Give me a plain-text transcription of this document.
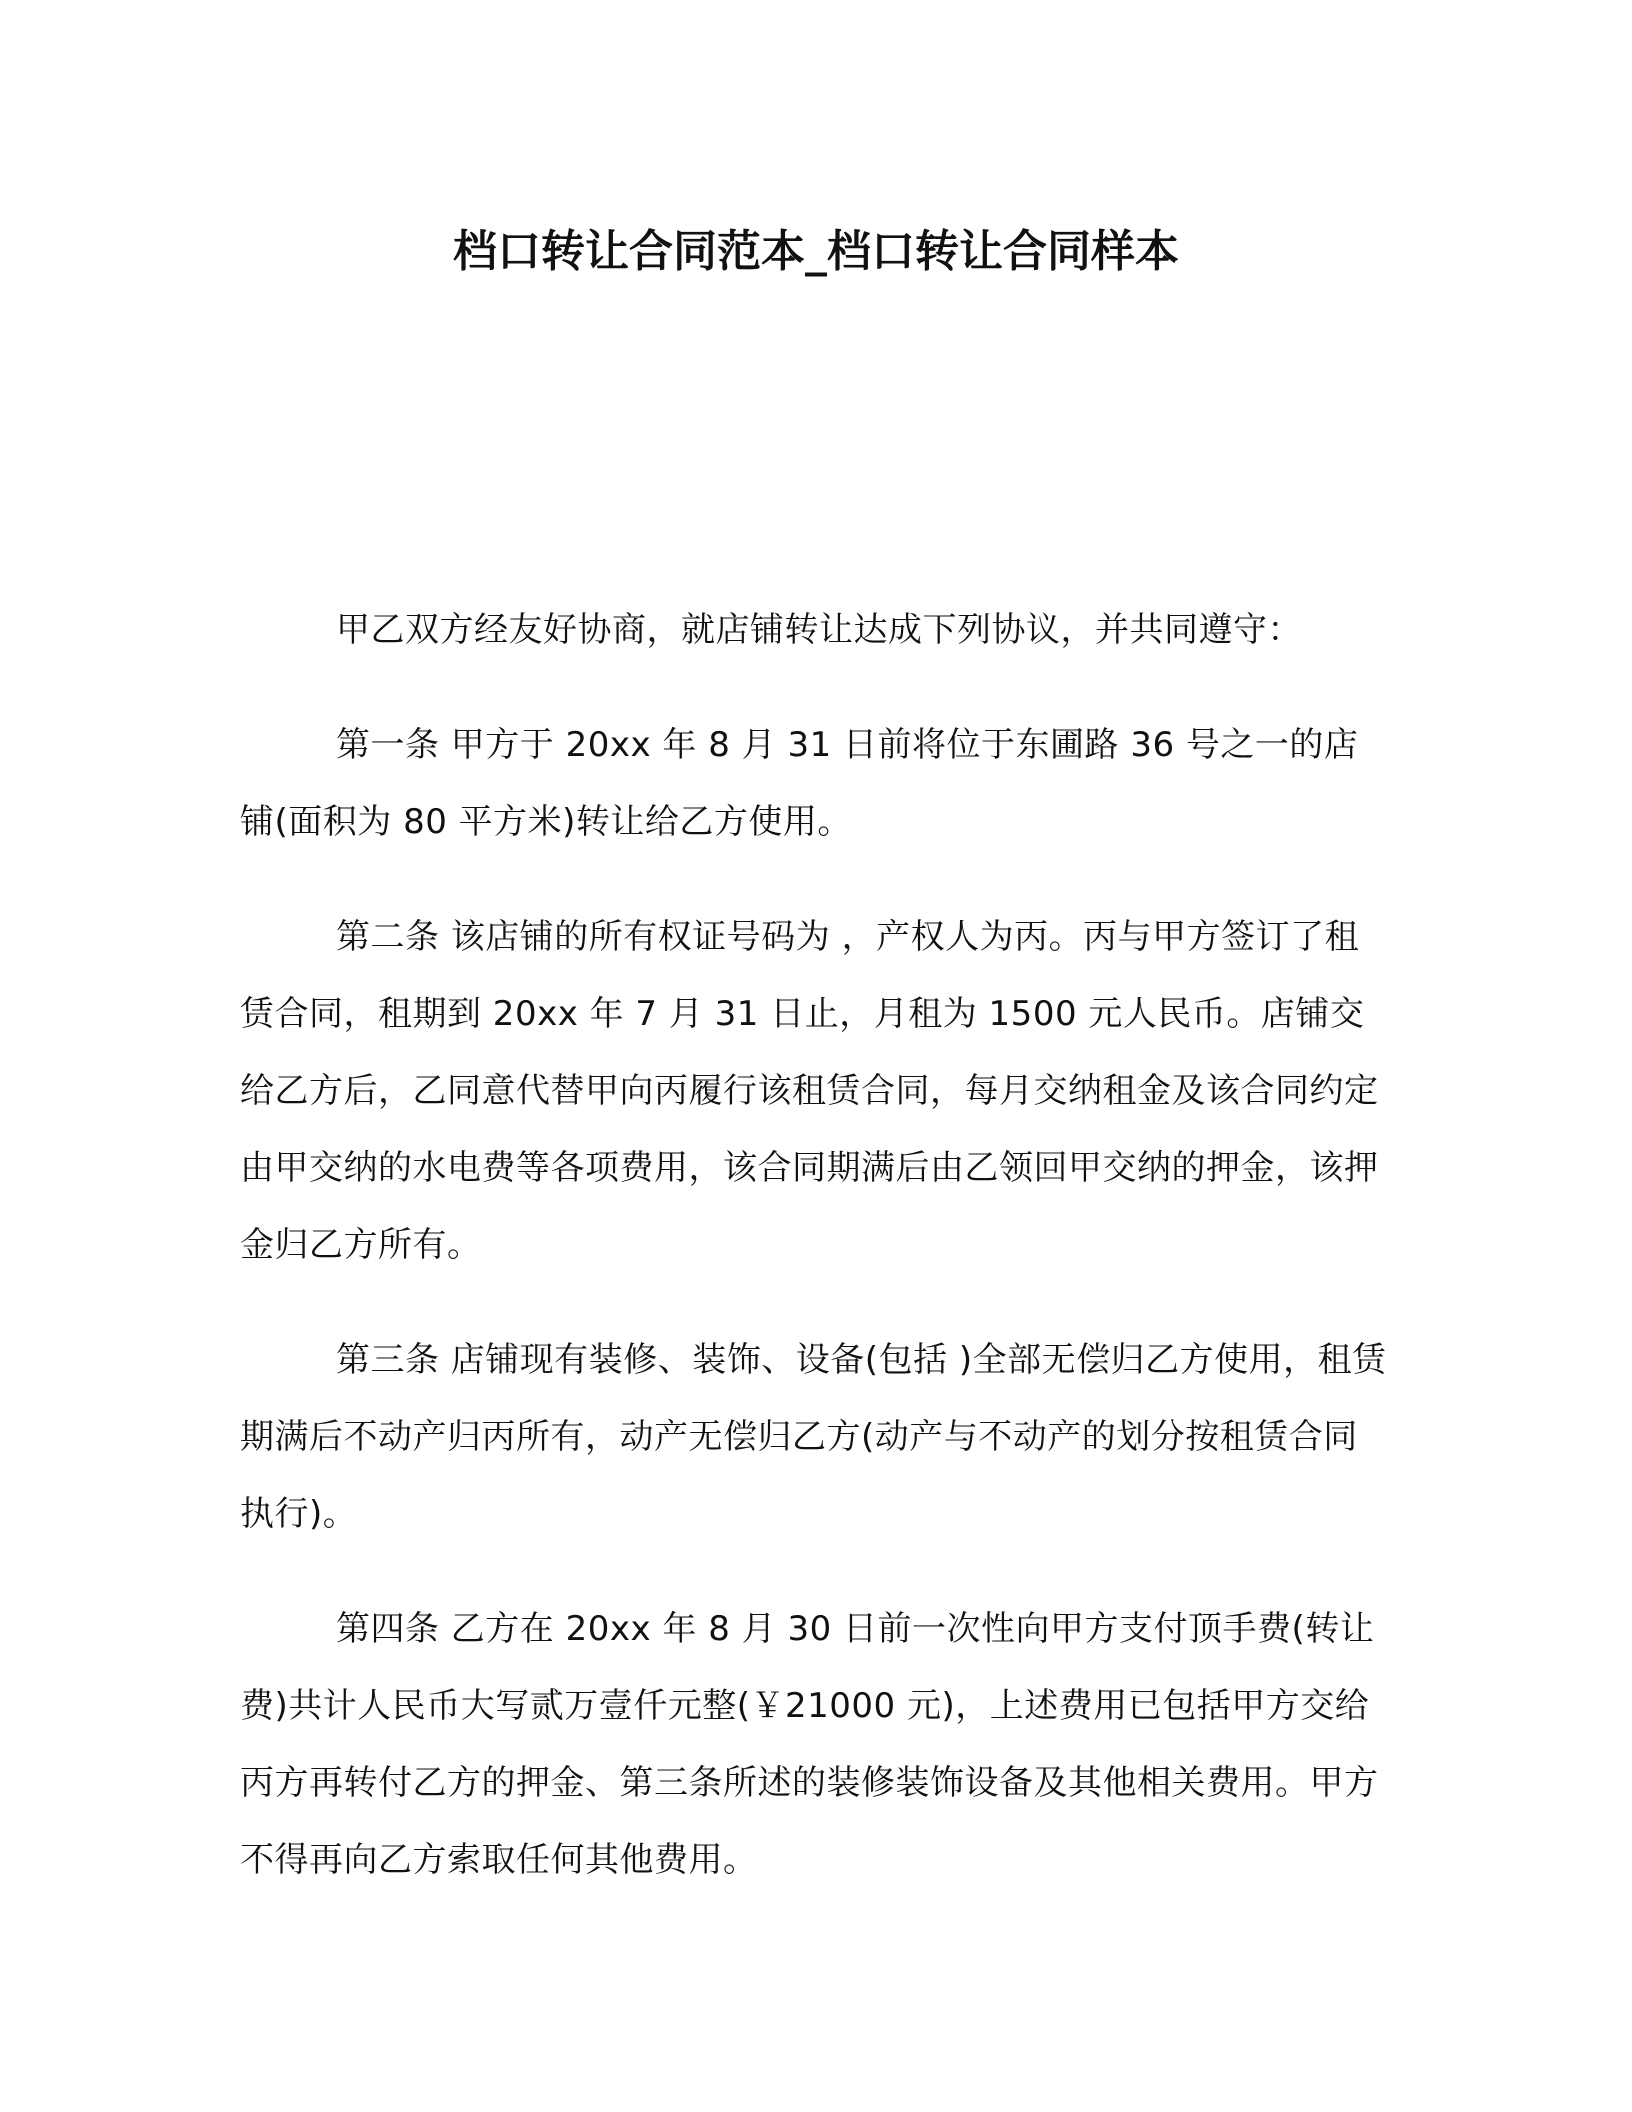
档口转让合同范本_档口转让合同样本

甲乙双方经友好协商，就店铺转让达成下列协议，并共同遵守：

第一条 甲方于 20xx 年 8 月 31 日前将位于东圃路 36 号之一的店铺(面积为 80 平方米)转让给乙方使用。

第二条 该店铺的所有权证号码为 ，产权人为丙。丙与甲方签订了租赁合同，租期到 20xx 年 7 月 31 日止，月租为 1500 元人民币。店铺交给乙方后，乙同意代替甲向丙履行该租赁合同，每月交纳租金及该合同约定由甲交纳的水电费等各项费用，该合同期满后由乙领回甲交纳的押金，该押金归乙方所有。

第三条 店铺现有装修、装饰、设备(包括 )全部无偿归乙方使用，租赁期满后不动产归丙所有，动产无偿归乙方(动产与不动产的划分按租赁合同执行)。

第四条 乙方在 20xx 年 8 月 30 日前一次性向甲方支付顶手费(转让费)共计人民币大写贰万壹仟元整(￥21000 元)，上述费用已包括甲方交给丙方再转付乙方的押金、第三条所述的装修装饰设备及其他相关费用。甲方不得再向乙方索取任何其他费用。
